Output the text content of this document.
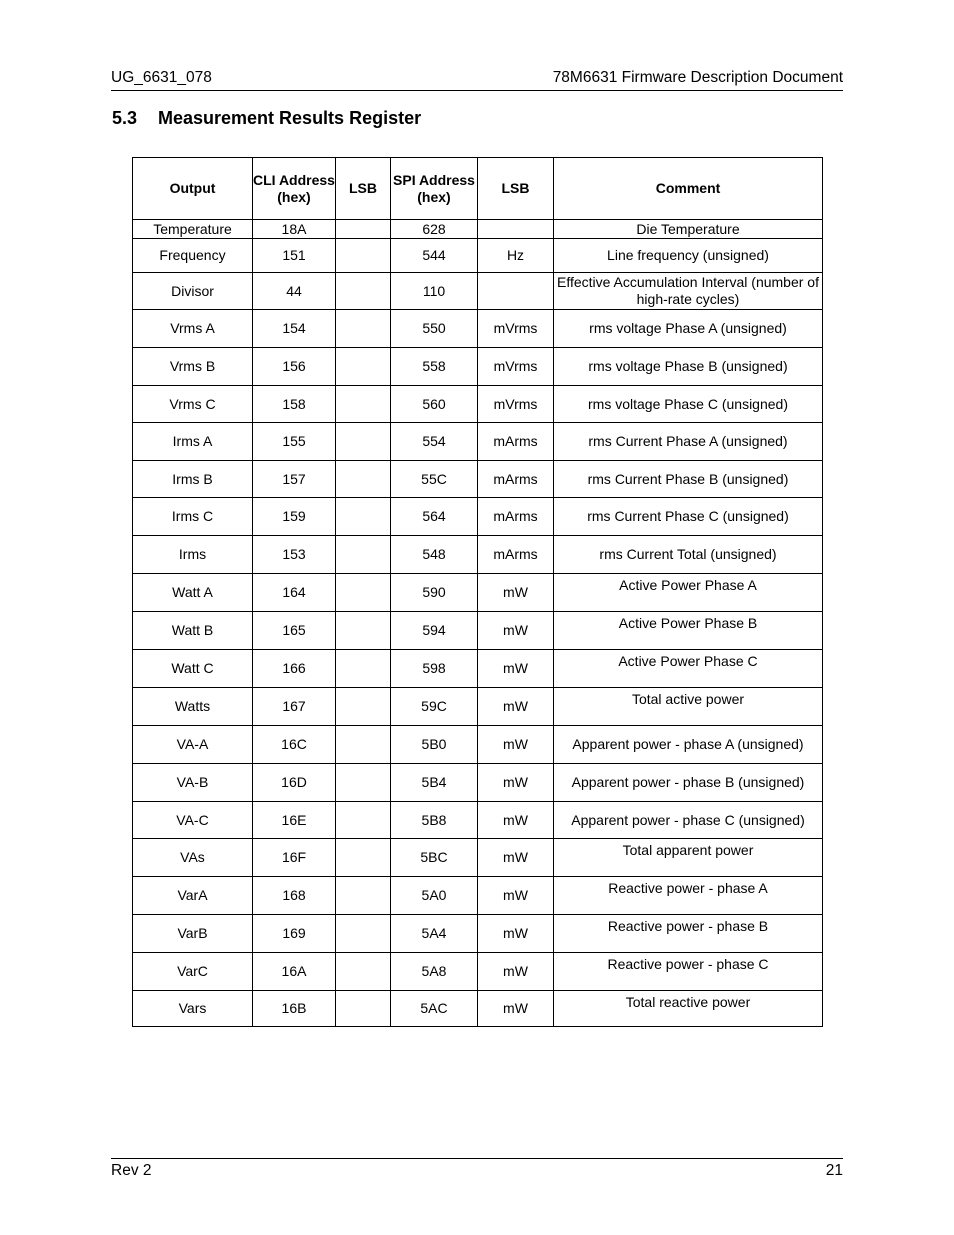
UG_6631_078	78M6631 Firmware Description Document
5.3 Measurement Results Register
Output	CLI Address (hex)	LSB	SPI Address (hex)	LSB	Comment
Temperature	18A		628		Die Temperature
Frequency	151		544	Hz	Line frequency (unsigned)
Divisor	44		110		Effective Accumulation Interval (number of high-rate cycles)
Vrms A	154		550	mVrms	rms voltage Phase A (unsigned)
Vrms B	156		558	mVrms	rms voltage Phase B (unsigned)
Vrms C	158		560	mVrms	rms voltage Phase C (unsigned)
Irms A	155		554	mArms	rms Current Phase A (unsigned)
Irms B	157		55C	mArms	rms Current Phase B (unsigned)
Irms C	159		564	mArms	rms Current Phase C (unsigned)
Irms	153		548	mArms	rms Current Total (unsigned)
Watt A	164		590	mW	Active Power Phase A
Watt B	165		594	mW	Active Power Phase B
Watt C	166		598	mW	Active Power Phase C
Watts	167		59C	mW	Total active power
VA-A	16C		5B0	mW	Apparent power - phase A (unsigned)
VA-B	16D		5B4	mW	Apparent power - phase B (unsigned)
VA-C	16E		5B8	mW	Apparent power - phase C (unsigned)
VAs	16F		5BC	mW	Total apparent power
VarA	168		5A0	mW	Reactive power - phase A
VarB	169		5A4	mW	Reactive power - phase B
VarC	16A		5A8	mW	Reactive power - phase C
Vars	16B		5AC	mW	Total reactive power
Rev 2	21
